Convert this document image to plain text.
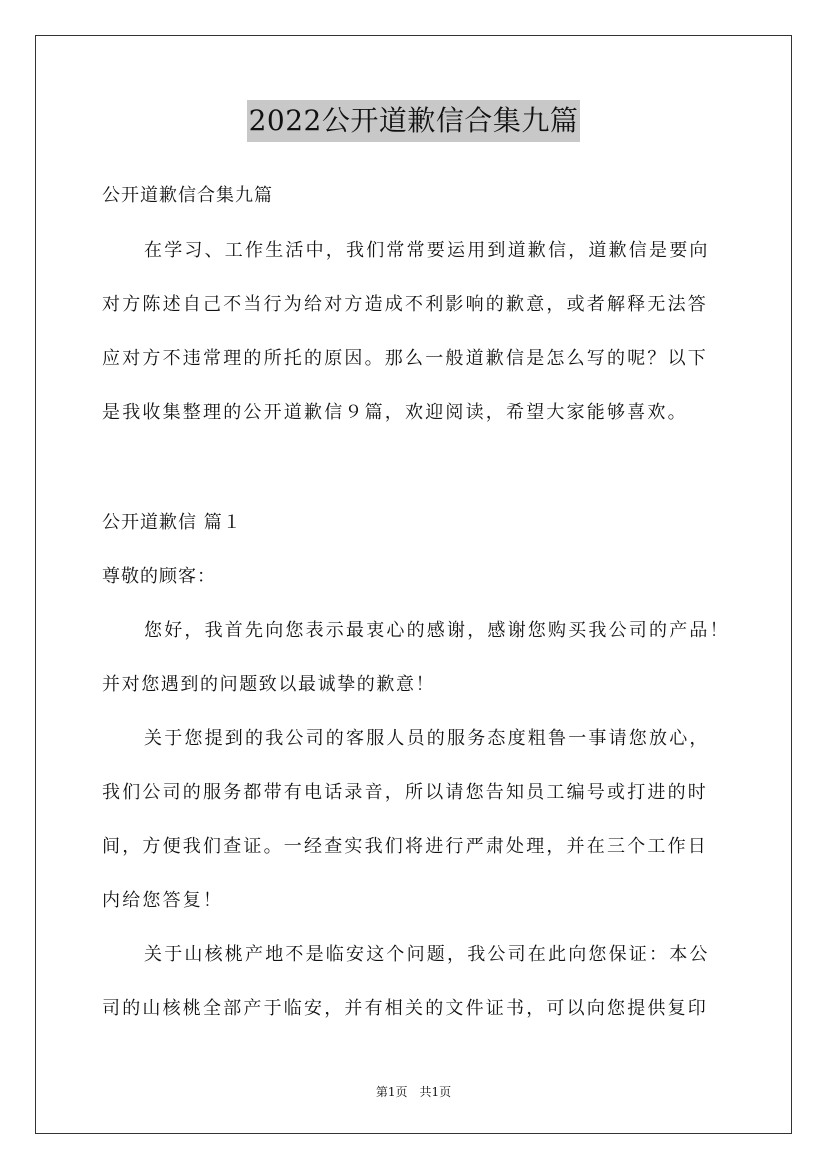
2022公开道歉信合集九篇
公开道歉信合集九篇
在学习、工作生活中，我们常常要运用到道歉信，道歉信是要向
对方陈述自己不当行为给对方造成不利影响的歉意，或者解释无法答
应对方不违常理的所托的原因。那么一般道歉信是怎么写的呢？以下
是我收集整理的公开道歉信９篇，欢迎阅读，希望大家能够喜欢。
公开道歉信 篇１
尊敬的顾客：
您好，我首先向您表示最衷心的感谢，感谢您购买我公司的产品！
并对您遇到的问题致以最诚挚的歉意！
关于您提到的我公司的客服人员的服务态度粗鲁一事请您放心，
我们公司的服务都带有电话录音，所以请您告知员工编号或打进的时
间，方便我们查证。一经查实我们将进行严肃处理，并在三个工作日
内给您答复！
关于山核桃产地不是临安这个问题，我公司在此向您保证：本公
司的山核桃全部产于临安，并有相关的文件证书，可以向您提供复印
第1页　共1页
